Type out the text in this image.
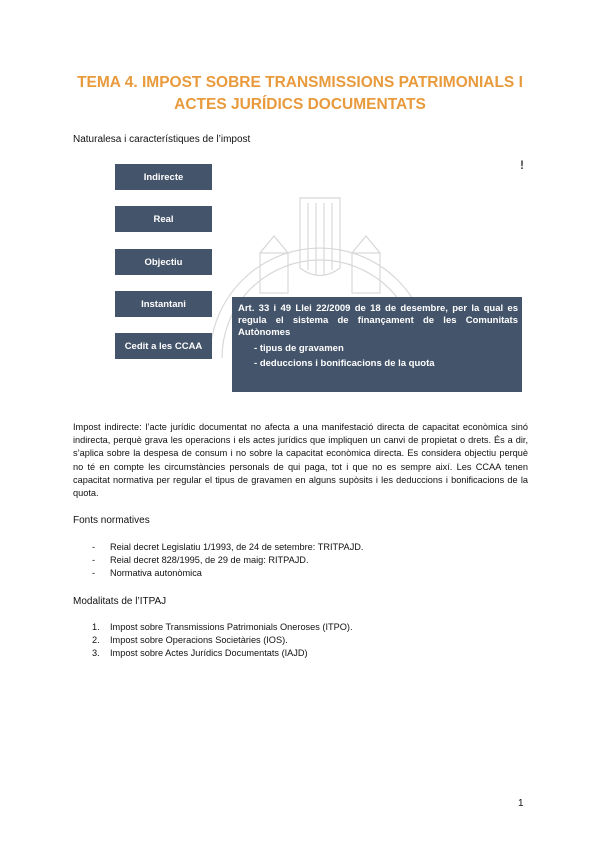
TEMA 4. IMPOST SOBRE TRANSMISSIONS PATRIMONIALS I
ACTES JURÍDICS DOCUMENTATS
Naturalesa i característiques de l’impost
Indirecte
Real
Objectiu
Instantani
Cedit a les CCAA
!
Art. 33 i 49 Llei 22/2009 de 18 de desembre, per la qual es regula el sistema de finançament de les Comunitats Autònomes
- tipus de gravamen
- deduccions i bonificacions de la quota
Impost indirecte: l’acte jurídic documentat no afecta a una manifestació directa de capacitat econòmica sinó indirecta, perquè grava les operacions i els actes jurídics que impliquen un canvi de propietat o drets. És a dir, s’aplica sobre la despesa de consum i no sobre la capacitat econòmica directa. Es considera objectiu perquè no té en compte les circumstàncies personals de qui paga, tot i que no es sempre així. Les CCAA tenen capacitat normativa per regular el tipus de gravamen en alguns supòsits i les deduccions i bonificacions de la quota.
Fonts normatives
- Reial decret Legislatiu 1/1993, de 24 de setembre: TRITPAJD.
- Reial decret 828/1995, de 29 de maig: RITPAJD.
- Normativa autonòmica
Modalitats de l’ITPAJ
1. Impost sobre Transmissions Patrimonials Oneroses (ITPO).
2. Impost sobre Operacions Societàries (IOS).
3. Impost sobre Actes Jurídics Documentats (IAJD)
1
